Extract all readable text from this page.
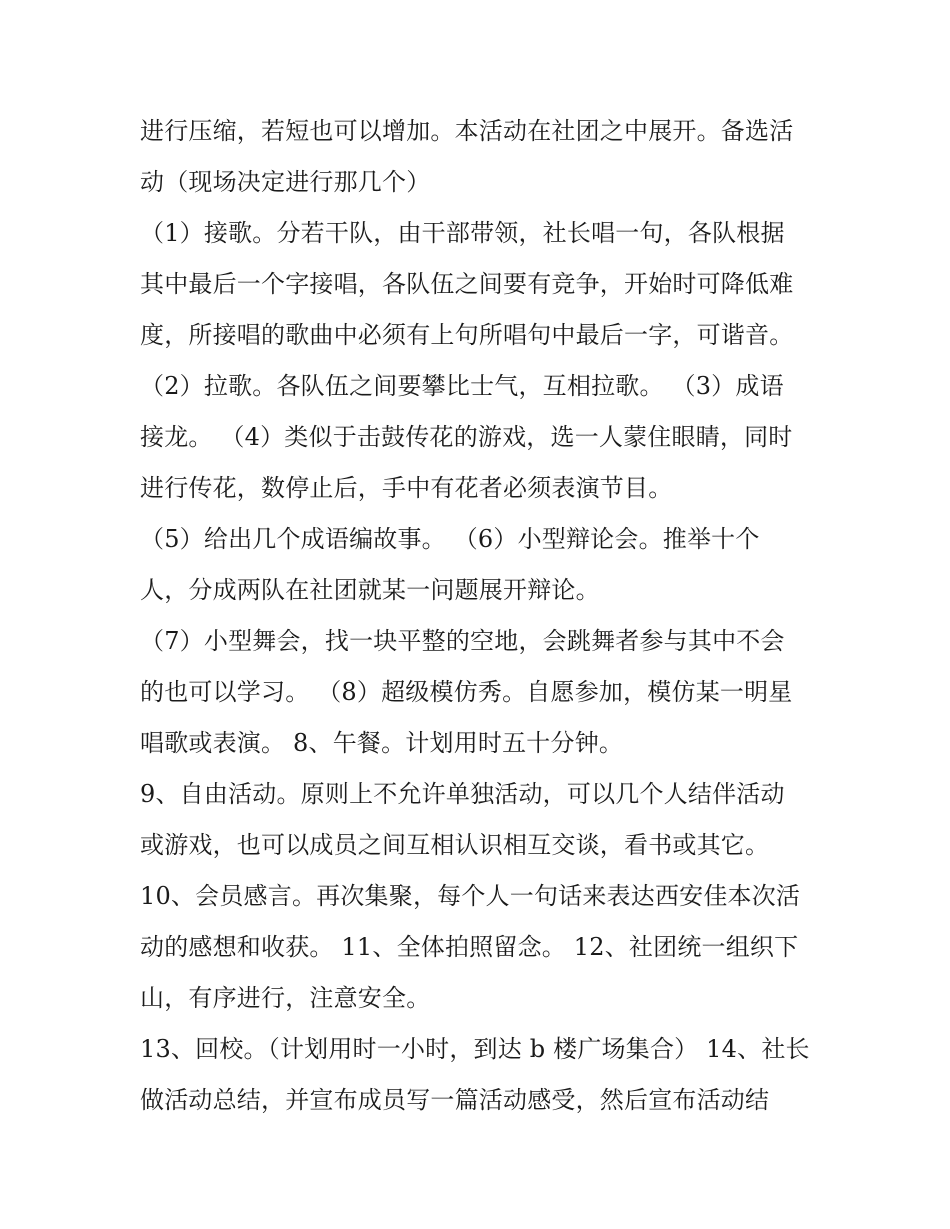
进行压缩，若短也可以增加。本活动在社团之中展开。备选活
动（现场决定进行那几个）
（1）接歌。分若干队，由干部带领，社长唱一句，各队根据
其中最后一个字接唱，各队伍之间要有竞争，开始时可降低难
度，所接唱的歌曲中必须有上句所唱句中最后一字，可谐音。
（2）拉歌。各队伍之间要攀比士气，互相拉歌。 （3）成语
接龙。 （4）类似于击鼓传花的游戏，选一人蒙住眼睛，同时
进行传花，数停止后，手中有花者必须表演节目。
（5）给出几个成语编故事。 （6）小型辩论会。推举十个
人，分成两队在社团就某一问题展开辩论。
（7）小型舞会，找一块平整的空地，会跳舞者参与其中不会
的也可以学习。 （8）超级模仿秀。自愿参加，模仿某一明星
唱歌或表演。 8、午餐。计划用时五十分钟。
9、自由活动。原则上不允许单独活动，可以几个人结伴活动
或游戏，也可以成员之间互相认识相互交谈，看书或其它。
10、会员感言。再次集聚，每个人一句话来表达西安佳本次活
动的感想和收获。 11、全体拍照留念。 12、社团统一组织下
山，有序进行，注意安全。
13、回校。（计划用时一小时，到达 b 楼广场集合） 14、社长
做活动总结，并宣布成员写一篇活动感受，然后宣布活动结
